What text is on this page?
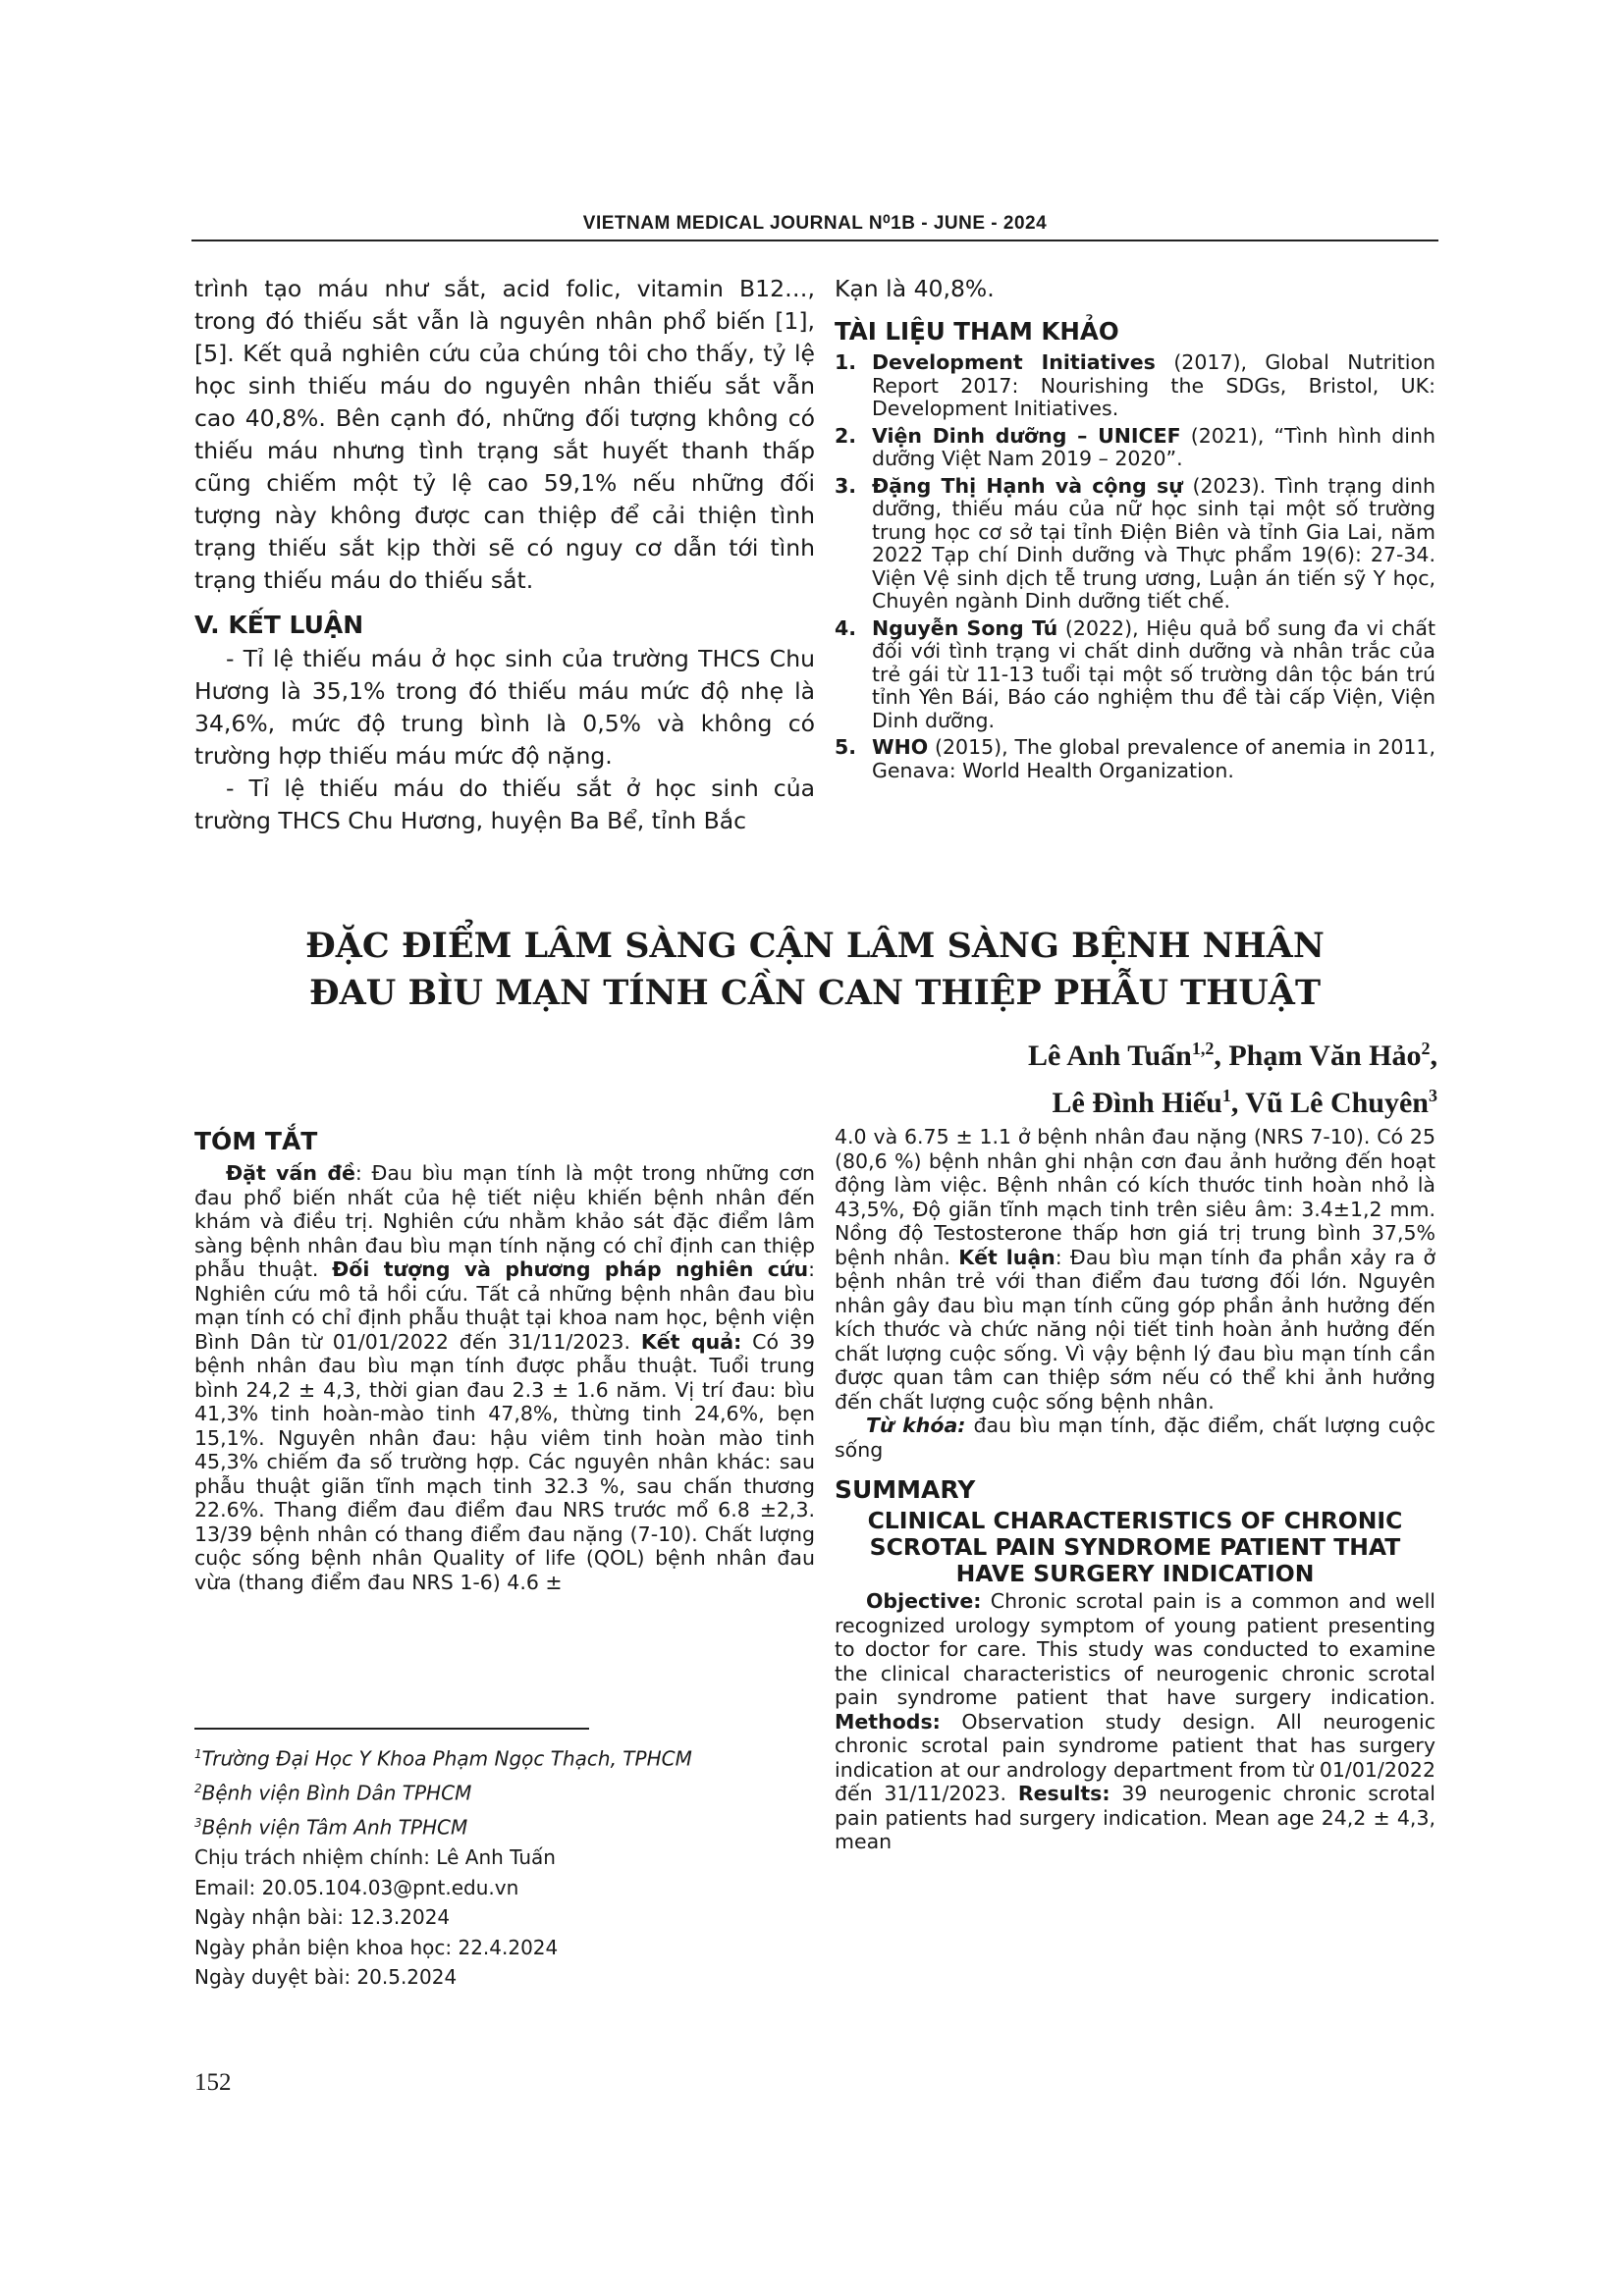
VIETNAM MEDICAL JOURNAL N⁰1B - JUNE - 2024

trình tạo máu như sắt, acid folic, vitamin B12…, trong đó thiếu sắt vẫn là nguyên nhân phổ biến [1], [5]. Kết quả nghiên cứu của chúng tôi cho thấy, tỷ lệ học sinh thiếu máu do nguyên nhân thiếu sắt vẫn cao 40,8%. Bên cạnh đó, những đối tượng không có thiếu máu nhưng tình trạng sắt huyết thanh thấp cũng chiếm một tỷ lệ cao 59,1% nếu những đối tượng này không được can thiệp để cải thiện tình trạng thiếu sắt kịp thời sẽ có nguy cơ dẫn tới tình trạng thiếu máu do thiếu sắt.

V. KẾT LUẬN

- Tỉ lệ thiếu máu ở học sinh của trường THCS Chu Hương là 35,1% trong đó thiếu máu mức độ nhẹ là 34,6%, mức độ trung bình là 0,5% và không có trường hợp thiếu máu mức độ nặng.

- Tỉ lệ thiếu máu do thiếu sắt ở học sinh của trường THCS Chu Hương, huyện Ba Bể, tỉnh Bắc

Kạn là 40,8%.

TÀI LIỆU THAM KHẢO

1. Development Initiatives (2017), Global Nutrition Report 2017: Nourishing the SDGs, Bristol, UK: Development Initiatives.
2. Viện Dinh dưỡng – UNICEF (2021), “Tình hình dinh dưỡng Việt Nam 2019 – 2020”.
3. Đặng Thị Hạnh và cộng sự (2023). Tình trạng dinh dưỡng, thiếu máu của nữ học sinh tại một số trường trung học cơ sở tại tỉnh Điện Biên và tỉnh Gia Lai, năm 2022 Tạp chí Dinh dưỡng và Thực phẩm 19(6): 27-34. Viện Vệ sinh dịch tễ trung ương, Luận án tiến sỹ Y học, Chuyên ngành Dinh dưỡng tiết chế.
4. Nguyễn Song Tú (2022), Hiệu quả bổ sung đa vi chất đối với tình trạng vi chất dinh dưỡng và nhân trắc của trẻ gái từ 11-13 tuổi tại một số trường dân tộc bán trú tỉnh Yên Bái, Báo cáo nghiệm thu đề tài cấp Viện, Viện Dinh dưỡng.
5. WHO (2015), The global prevalence of anemia in 2011, Genava: World Health Organization.
ĐẶC ĐIỂM LÂM SÀNG CẬN LÂM SÀNG BỆNH NHÂN
ĐAU BÌU MẠN TÍNH CẦN CAN THIỆP PHẪU THUẬT
Lê Anh Tuấn$^{1,2}$, Phạm Văn Hảo$^2$,
Lê Đình Hiếu$^1$, Vũ Lê Chuyên$^3$

TÓM TẮT

Đặt vấn đề: Đau bìu mạn tính là một trong những cơn đau phổ biến nhất của hệ tiết niệu khiến bệnh nhân đến khám và điều trị. Nghiên cứu nhằm khảo sát đặc điểm lâm sàng bệnh nhân đau bìu mạn tính nặng có chỉ định can thiệp phẫu thuật. Đối tượng và phương pháp nghiên cứu: Nghiên cứu mô tả hồi cứu. Tất cả những bệnh nhân đau bìu mạn tính có chỉ định phẫu thuật tại khoa nam học, bệnh viện Bình Dân từ 01/01/2022 đến 31/11/2023. Kết quả: Có 39 bệnh nhân đau bìu mạn tính được phẫu thuật. Tuổi trung bình 24,2 ± 4,3, thời gian đau 2.3 ± 1.6 năm. Vị trí đau: bìu 41,3% tinh hoàn-mào tinh 47,8%, thừng tinh 24,6%, bẹn 15,1%. Nguyên nhân đau: hậu viêm tinh hoàn mào tinh 45,3% chiếm đa số trường hợp. Các nguyên nhân khác: sau phẫu thuật giãn tĩnh mạch tinh 32.3 %, sau chấn thương 22.6%. Thang điểm đau điểm đau NRS trước mổ 6.8 ±2,3. 13/39 bệnh nhân có thang điểm đau nặng (7-10). Chất lượng cuộc sống bệnh nhân Quality of life (QOL) bệnh nhân đau vừa (thang điểm đau NRS 1-6) 4.6 ±

4.0 và 6.75 ± 1.1 ở bệnh nhân đau nặng (NRS 7-10). Có 25 (80,6 %) bệnh nhân ghi nhận cơn đau ảnh hưởng đến hoạt động làm việc. Bệnh nhân có kích thước tinh hoàn nhỏ là 43,5%, Độ giãn tĩnh mạch tinh trên siêu âm: 3.4±1,2 mm. Nồng độ Testosterone thấp hơn giá trị trung bình 37,5% bệnh nhân. Kết luận: Đau bìu mạn tính đa phần xảy ra ở bệnh nhân trẻ với than điểm đau tương đối lớn. Nguyên nhân gây đau bìu mạn tính cũng góp phần ảnh hưởng đến kích thước và chức năng nội tiết tinh hoàn ảnh hưởng đến chất lượng cuộc sống. Vì vậy bệnh lý đau bìu mạn tính cần được quan tâm can thiệp sớm nếu có thể khi ảnh hưởng đến chất lượng cuộc sống bệnh nhân.

Từ khóa: đau bìu mạn tính, đặc điểm, chất lượng cuộc sống

SUMMARY

CLINICAL CHARACTERISTICS OF CHRONIC SCROTAL PAIN SYNDROME PATIENT THAT HAVE SURGERY INDICATION

Objective: Chronic scrotal pain is a common and well recognized urology symptom of young patient presenting to doctor for care. This study was conducted to examine the clinical characteristics of neurogenic chronic scrotal pain syndrome patient that have surgery indication. Methods: Observation study design. All neurogenic chronic scrotal pain syndrome patient that has surgery indication at our andrology department from từ 01/01/2022 đến 31/11/2023. Results: 39 neurogenic chronic scrotal pain patients had surgery indication. Mean age 24,2 ± 4,3, mean

$^1$Trường Đại Học Y Khoa Phạm Ngọc Thạch, TPHCM
$^2$Bệnh viện Bình Dân TPHCM
$^3$Bệnh viện Tâm Anh TPHCM
Chịu trách nhiệm chính: Lê Anh Tuấn
Email: 20.05.104.03@pnt.edu.vn
Ngày nhận bài: 12.3.2024
Ngày phản biện khoa học: 22.4.2024
Ngày duyệt bài: 20.5.2024
152
